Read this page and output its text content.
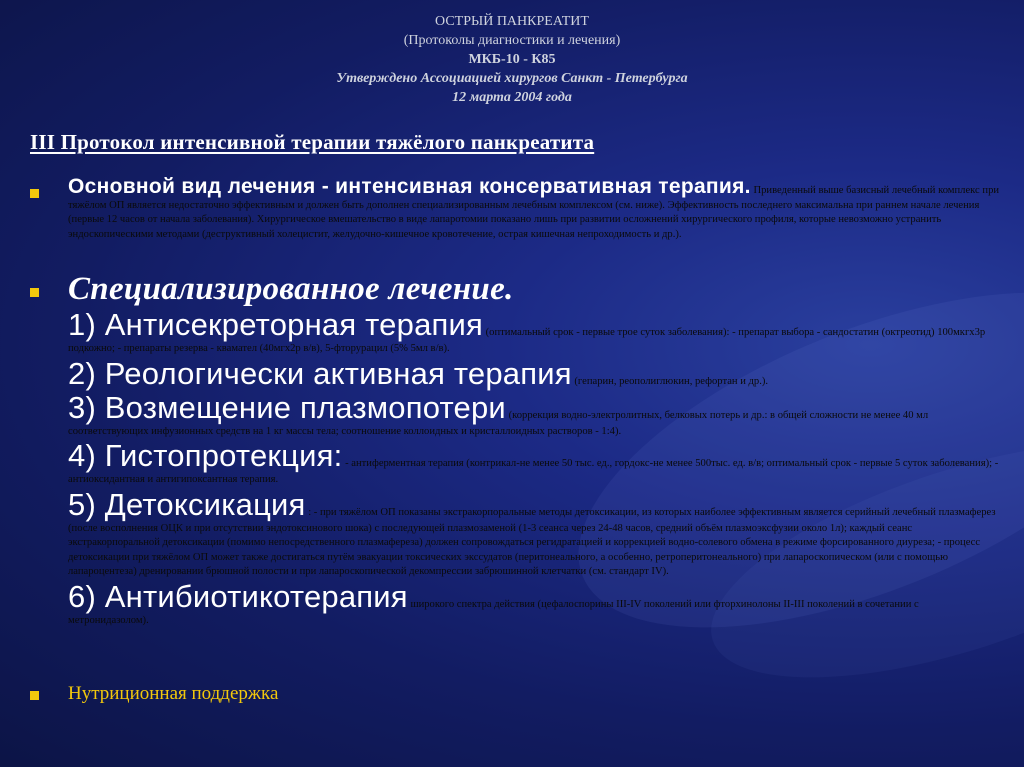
ОСТРЫЙ ПАНКРЕАТИТ
(Протоколы диагностики и лечения)
МКБ-10 - К85
Утверждено Ассоциацией хирургов Санкт - Петербурга
12 марта 2004 года
III Протокол интенсивной терапии тяжёлого панкреатита
Основной вид лечения - интенсивная консервативная терапия. Приведенный выше базисный лечебный комплекс при тяжёлом ОП является недостаточно эффективным и должен быть дополнен специализированным лечебным комплексом (см. ниже). Эффективность последнего максимальна при раннем начале лечения (первые 12 часов от начала заболевания). Хирургическое вмешательство в виде лапаротомии показано лишь при развитии осложнений хирургического профиля, которые невозможно устранить эндоскопическими методами (деструктивный холецистит, желудочно-кишечное кровотечение, острая кишечная непроходимость и др.).
Специализированное лечение.
1) Антисекреторная терапия (оптимальный срок - первые трое суток заболевания): - препарат выбора - сандостатин (октреотид) 100мкгх3р подкожно; - препараты резерва - квамател (40мгх2р в/в), 5-фторурацил (5% 5мл в/в).
2) Реологически активная терапия (гепарин, реополиглюкин, рефортан и др.).
3) Возмещение плазмопотери (коррекция водно-электролитных, белковых потерь и др.: в общей сложности не менее 40 мл соответствующих инфузионных средств на 1 кг массы тела; соотношение коллоидных и кристаллоидных растворов - 1:4).
4) Гистопротекция: - антиферментная терапия (контрикал-не менее 50 тыс. ед., гордокс-не менее 500тыс. ед. в/в; оптимальный срок - первые 5 суток заболевания); - антиоксидантная и антигипоксантная терапия.
5) Детоксикация : - при тяжёлом ОП показаны экстракорпоральные методы детоксикации, из которых наиболее эффективным является серийный лечебный плазмаферез (после восполнения ОЦК и при отсутствии эндотоксинового шока) с последующей плазмозаменой (1-3 сеанса через 24-48 часов, средний объём плазмоэксфузии около 1л); каждый сеанс экстракорпоральной детоксикации (помимо непосредственного плазмафереза) должен сопровождаться регидратацией и коррекцией водно-солевого обмена в режиме форсированного диуреза; - процесс детоксикации при тяжёлом ОП может также достигаться путём эвакуации токсических экссудатов (перитонеального, а особенно, ретроперитонеального) при лапароскопическом (или с помощью лапароцентеза) дренировании брюшной полости и при лапароскопической декомпрессии забрюшинной клетчатки (см. стандарт IV).
6) Антибиотикотерапия широкого спектра действия (цефалоспорины III-IV поколений или фторхинолоны II-III поколений в сочетании с метронидазолом).
Нутриционная поддержка
